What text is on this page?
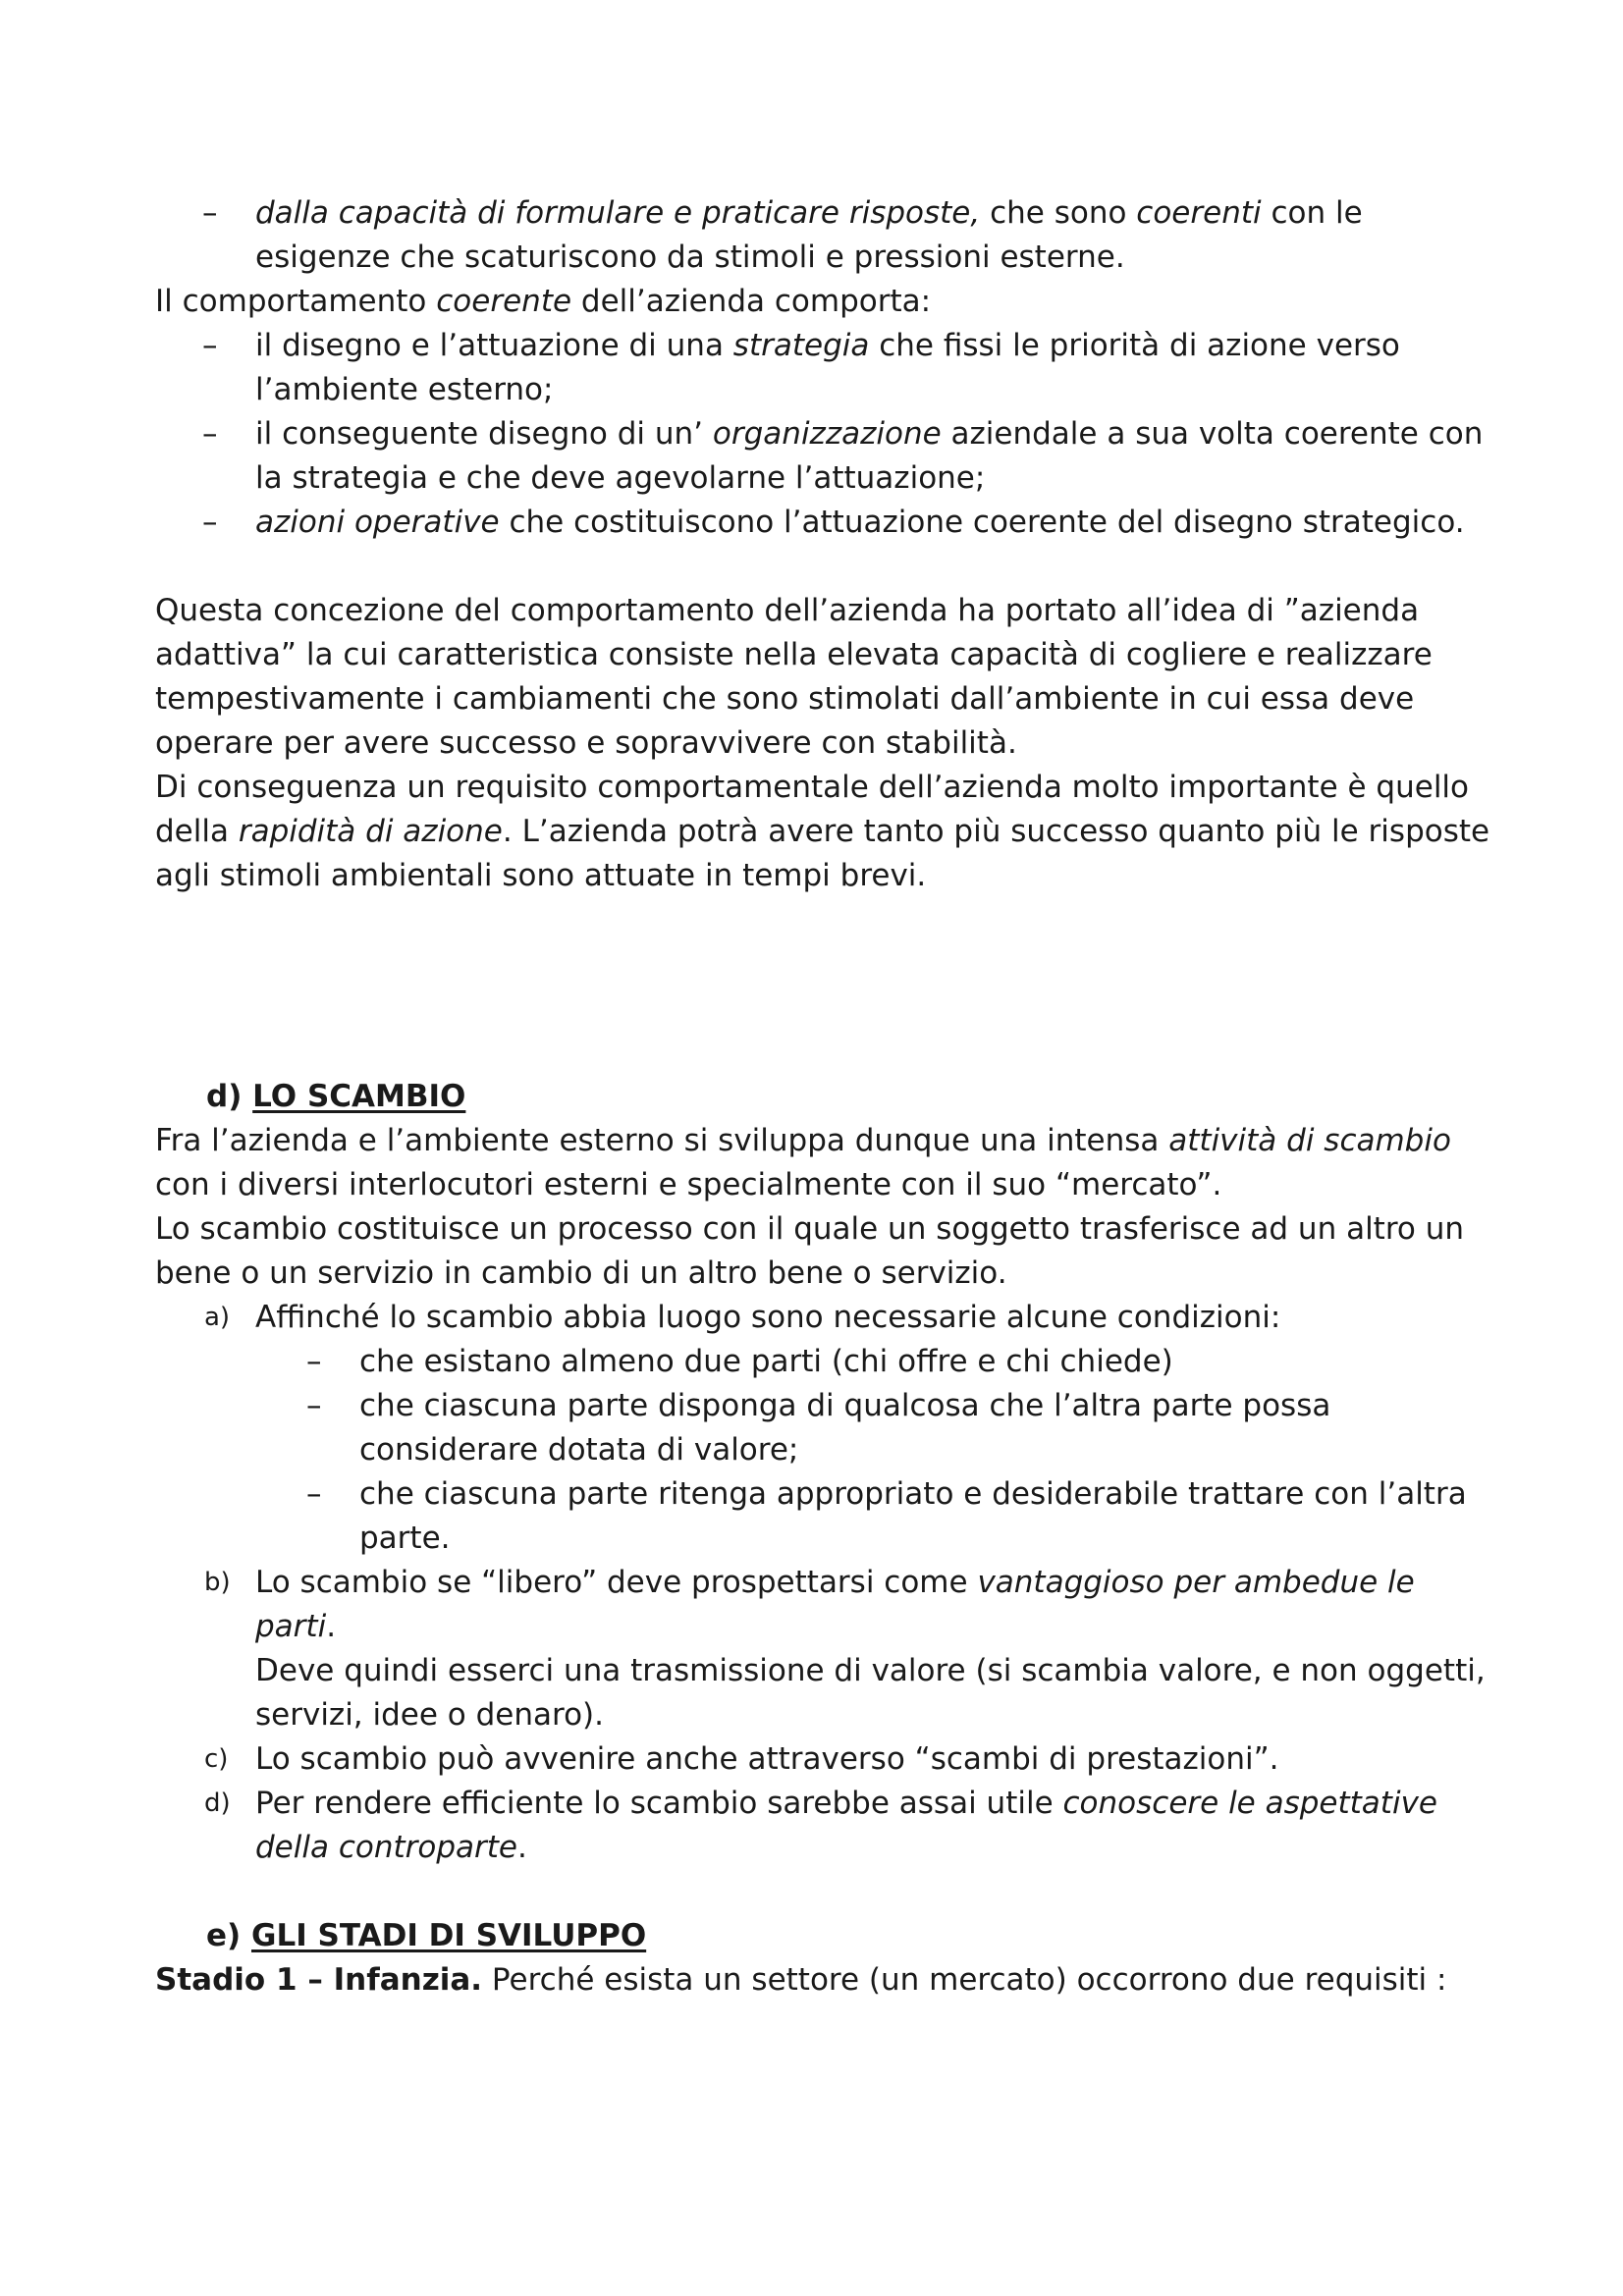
– dalla capacità di formulare e praticare risposte, che sono coerenti con le esigenze che scaturiscono da stimoli e pressioni esterne.

Il comportamento coerente dell’azienda comporta:

– il disegno e l’attuazione di una strategia che fissi le priorità di azione verso l’ambiente esterno;

– il conseguente disegno di un’ organizzazione aziendale a sua volta coerente con la strategia e che deve agevolarne l’attuazione;

– azioni operative che costituiscono l’attuazione coerente del disegno strategico.

Questa concezione del comportamento dell’azienda ha portato all’idea di ”azienda adattiva” la cui caratteristica consiste nella elevata capacità di cogliere e realizzare tempestivamente i cambiamenti che sono stimolati dall’ambiente in cui essa deve operare per avere successo e sopravvivere con stabilità.

Di conseguenza un requisito comportamentale dell’azienda molto importante è quello della rapidità di azione. L’azienda potrà avere tanto più successo quanto più le risposte agli stimoli ambientali sono attuate in tempi brevi.

d) LO SCAMBIO

Fra l’azienda e l’ambiente esterno si sviluppa dunque una intensa attività di scambio con i diversi interlocutori esterni e specialmente con il suo “mercato”.

Lo scambio costituisce un processo con il quale un soggetto trasferisce ad un altro un bene o un servizio in cambio di un altro bene o servizio.

a) Affinché lo scambio abbia luogo sono necessarie alcune condizioni:

– che esistano almeno due parti (chi offre e chi chiede)

– che ciascuna parte disponga di qualcosa che l’altra parte possa considerare dotata di valore;

– che ciascuna parte ritenga appropriato e desiderabile trattare con l’altra parte.

b) Lo scambio se “libero” deve prospettarsi come vantaggioso per ambedue le parti.

Deve quindi esserci una trasmissione di valore (si scambia valore, e non oggetti, servizi, idee o denaro).

c) Lo scambio può avvenire anche attraverso “scambi di prestazioni”.

d) Per rendere efficiente lo scambio sarebbe assai utile conoscere le aspettative della controparte.

e) GLI STADI DI SVILUPPO

Stadio 1 – Infanzia. Perché esista un settore (un mercato) occorrono due requisiti :
